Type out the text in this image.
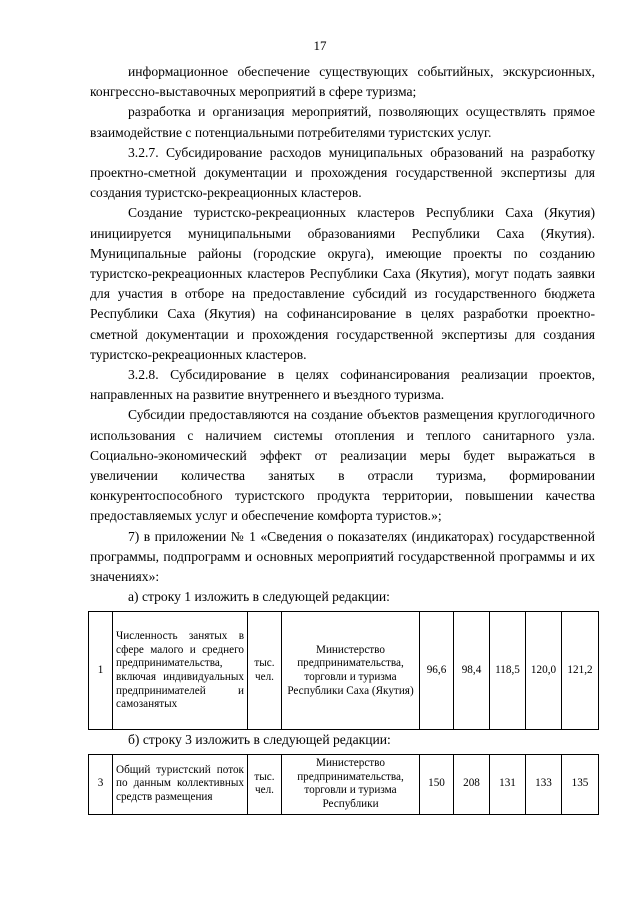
17

информационное обеспечение существующих событийных, экскурсионных, конгрессно-выставочных мероприятий в сфере туризма;

разработка и организация мероприятий, позволяющих осуществлять прямое взаимодействие с потенциальными потребителями туристских услуг.

3.2.7. Субсидирование расходов муниципальных образований на разработку проектно-сметной документации и прохождения государственной экспертизы для создания туристско-рекреационных кластеров.

Создание туристско-рекреационных кластеров Республики Саха (Якутия) инициируется муниципальными образованиями Республики Саха (Якутия). Муниципальные районы (городские округа), имеющие проекты по созданию туристско-рекреационных кластеров Республики Саха (Якутия), могут подать заявки для участия в отборе на предоставление субсидий из государственного бюджета Республики Саха (Якутия) на софинансирование в целях разработки проектно-сметной документации и прохождения государственной экспертизы для создания туристско-рекреационных кластеров.

3.2.8. Субсидирование в целях софинансирования реализации проектов, направленных на развитие внутреннего и въездного туризма.

Субсидии предоставляются на создание объектов размещения круглогодичного использования с наличием системы отопления и теплого санитарного узла. Социально-экономический эффект от реализации меры будет выражаться в увеличении количества занятых в отрасли туризма, формировании конкурентоспособного туристского продукта территории, повышении качества предоставляемых услуг и обеспечение комфорта туристов.»;

7) в приложении № 1 «Сведения о показателях (индикаторах) государственной программы, подпрограмм и основных мероприятий государственной программы и их значениях»:

а) строку 1 изложить в следующей редакции:

1	Численность занятых в сфере малого и среднего предпринимательства, включая индивидуальных предпринимателей и самозанятых	тыс. чел.	Министерство предпринимательства, торговли и туризма Республики Саха (Якутия)	96,6	98,4	118,5	120,0	121,2

б) строку 3 изложить в следующей редакции:

3	Общий туристский поток по данным коллективных средств размещения	тыс. чел.	Министерство предпринимательства, торговли и туризма Республики	150	208	131	133	135
